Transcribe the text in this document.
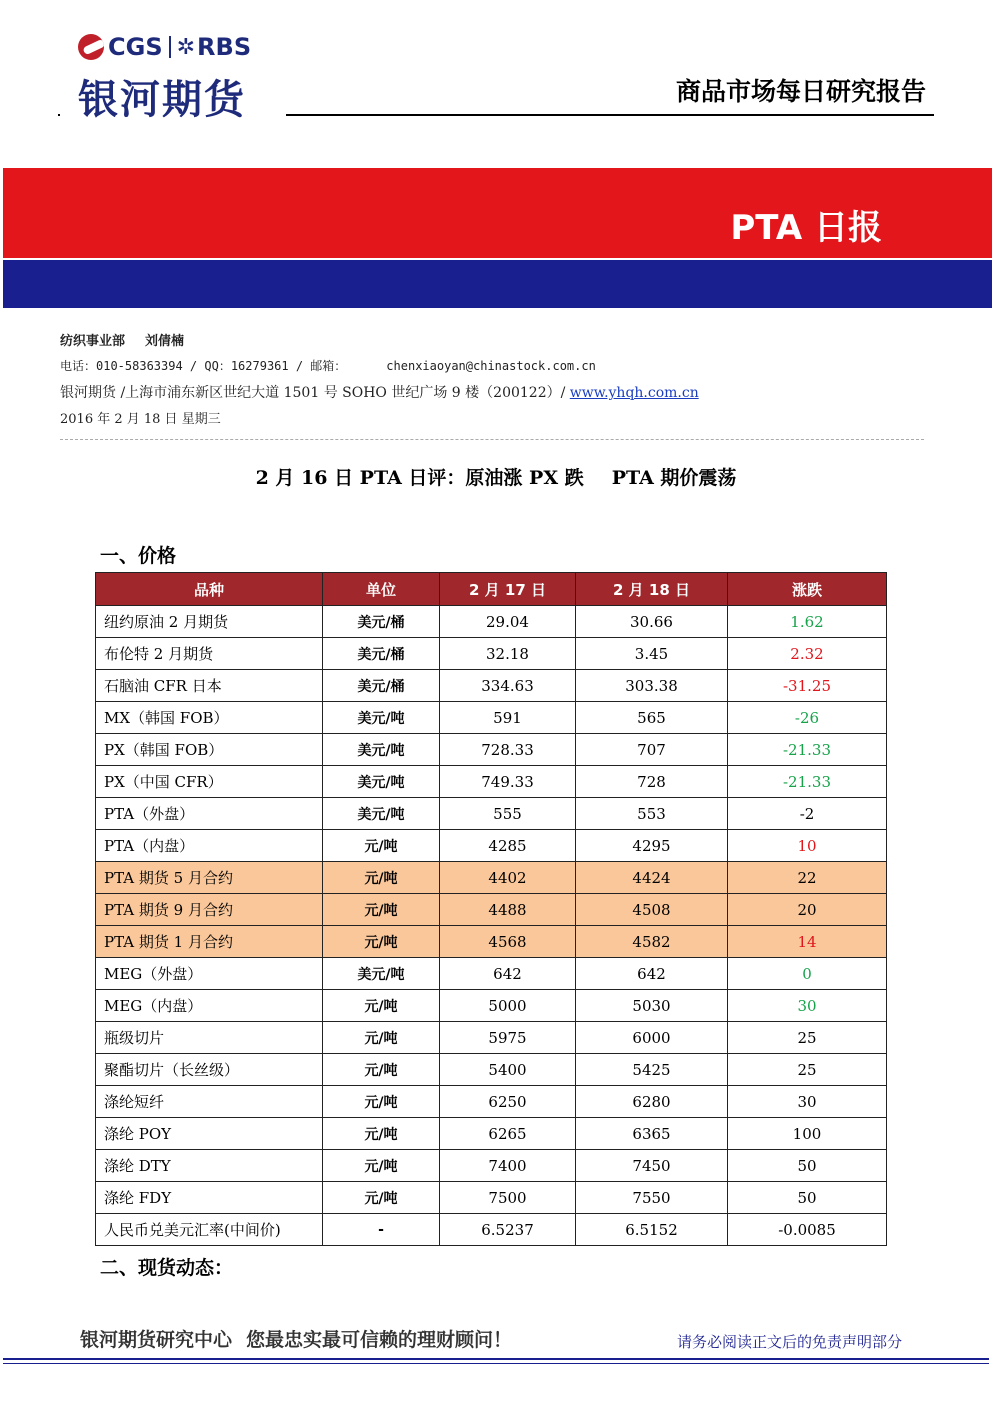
CGS ✲ RBS
银河期货	商品市场每日研究报告
PTA 日报
纺织事业部 刘倩楠
电话：010-58363394 / QQ：16279361 / 邮箱：	chenxiaoyan@chinastock.com.cn
银河期货 /上海市浦东新区世纪大道 1501 号 SOHO 世纪广场 9 楼（200122）/ www.yhqh.com.cn
2016 年 2 月 18 日 星期三
2 月 16 日 PTA 日评：原油涨 PX 跌 PTA 期价震荡
一、价格
品种	单位	2 月 17 日	2 月 18 日	涨跌
纽约原油 2 月期货	美元/桶	29.04	30.66	1.62
布伦特 2 月期货	美元/桶	32.18	3.45	2.32
石脑油 CFR 日本	美元/桶	334.63	303.38	-31.25
MX（韩国 FOB）	美元/吨	591	565	-26
PX（韩国 FOB）	美元/吨	728.33	707	-21.33
PX（中国 CFR）	美元/吨	749.33	728	-21.33
PTA（外盘）	美元/吨	555	553	-2
PTA（内盘）	元/吨	4285	4295	10
PTA 期货 5 月合约	元/吨	4402	4424	22
PTA 期货 9 月合约	元/吨	4488	4508	20
PTA 期货 1 月合约	元/吨	4568	4582	14
MEG（外盘）	美元/吨	642	642	0
MEG（内盘）	元/吨	5000	5030	30
瓶级切片	元/吨	5975	6000	25
聚酯切片（长丝级）	元/吨	5400	5425	25
涤纶短纤	元/吨	6250	6280	30
涤纶 POY	元/吨	6265	6365	100
涤纶 DTY	元/吨	7400	7450	50
涤纶 FDY	元/吨	7500	7550	50
人民币兑美元汇率(中间价)	-	6.5237	6.5152	-0.0085
二、现货动态：
银河期货研究中心 您最忠实最可信赖的理财顾问！	请务必阅读正文后的免责声明部分
